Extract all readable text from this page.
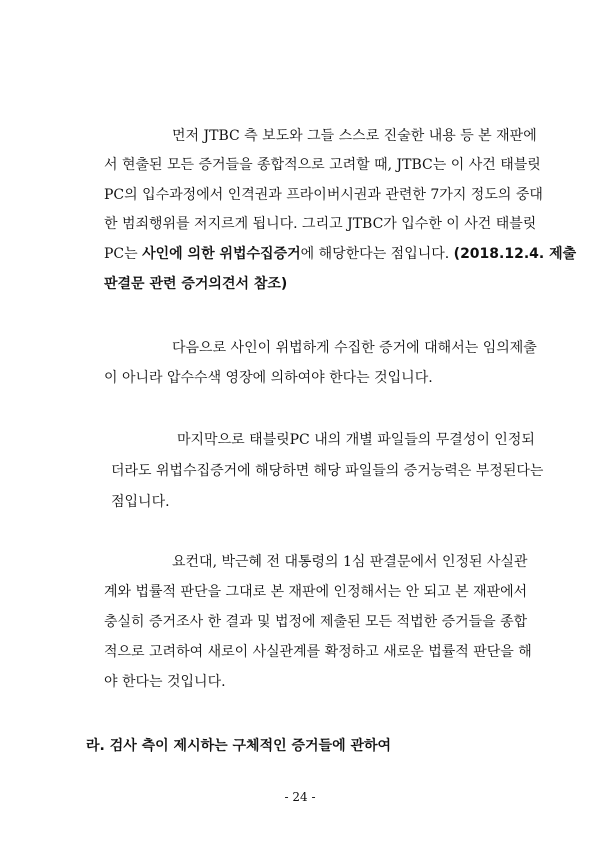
먼저 JTBC 측 보도와 그들 스스로 진술한 내용 등 본 재판에
서 현출된 모든 증거들을 종합적으로 고려할 때, JTBC는 이 사건 태블릿
PC의 입수과정에서 인격권과 프라이버시권과 관련한 7가지 정도의 중대
한 범죄행위를 저지르게 됩니다. 그리고 JTBC가 입수한 이 사건 태블릿
PC는 사인에 의한 위법수집증거에 해당한다는 점입니다. (2018.12.4. 제출
판결문 관련 증거의견서 참조)
다음으로 사인이 위법하게 수집한 증거에 대해서는 임의제출
이 아니라 압수수색 영장에 의하여야 한다는 것입니다.
마지막으로 태블릿PC 내의 개별 파일들의 무결성이 인정되
더라도 위법수집증거에 해당하면 해당 파일들의 증거능력은 부정된다는
점입니다.
요컨대, 박근혜 전 대통령의 1심 판결문에서 인정된 사실관
계와 법률적 판단을 그대로 본 재판에 인정해서는 안 되고 본 재판에서
충실히 증거조사 한 결과 및 법정에 제출된 모든 적법한 증거들을 종합
적으로 고려하여 새로이 사실관계를 확정하고 새로운 법률적 판단을 해
야 한다는 것입니다.
라. 검사 측이 제시하는 구체적인 증거들에 관하여
- 24 -
